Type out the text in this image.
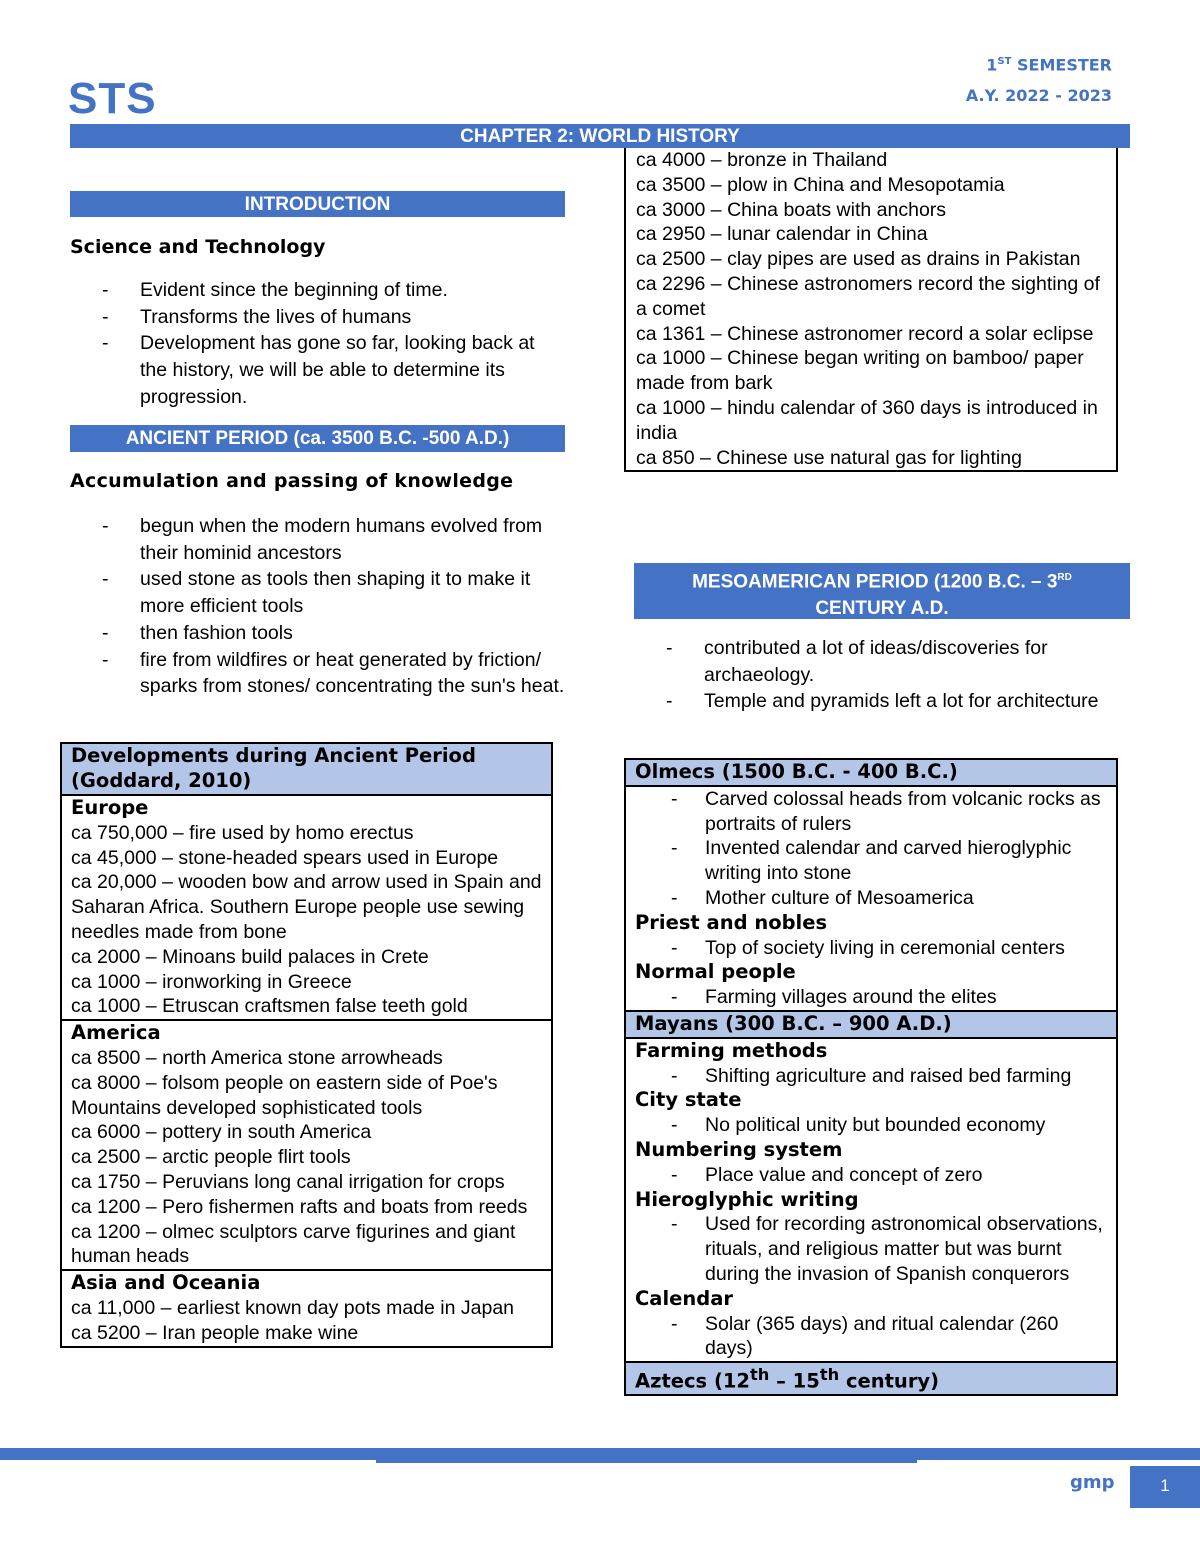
STS
1ST SEMESTER
A.Y. 2022 - 2023
CHAPTER 2: WORLD HISTORY
INTRODUCTION
Science and Technology
- Evident since the beginning of time.
- Transforms the lives of humans
- Development has gone so far, looking back at the history, we will be able to determine its progression.
ANCIENT PERIOD (ca. 3500 B.C. -500 A.D.)
Accumulation and passing of knowledge
- begun when the modern humans evolved from their hominid ancestors
- used stone as tools then shaping it to make it more efficient tools
- then fashion tools
- fire from wildfires or heat generated by friction/ sparks from stones/ concentrating the sun's heat.
Developments during Ancient Period (Goddard, 2010)
Europe
ca 750,000 – fire used by homo erectus
ca 45,000 – stone-headed spears used in Europe
ca 20,000 – wooden bow and arrow used in Spain and Saharan Africa. Southern Europe people use sewing needles made from bone
ca 2000 – Minoans build palaces in Crete
ca 1000 – ironworking in Greece
ca 1000 – Etruscan craftsmen false teeth gold
America
ca 8500 – north America stone arrowheads
ca 8000 – folsom people on eastern side of Poe's Mountains developed sophisticated tools
ca 6000 – pottery in south America
ca 2500 – arctic people flirt tools
ca 1750 – Peruvians long canal irrigation for crops
ca 1200 – Pero fishermen rafts and boats from reeds
ca 1200 – olmec sculptors carve figurines and giant human heads
Asia and Oceania
ca 11,000 – earliest known day pots made in Japan
ca 5200 – Iran people make wine
ca 4000 – bronze in Thailand
ca 3500 – plow in China and Mesopotamia
ca 3000 – China boats with anchors
ca 2950 – lunar calendar in China
ca 2500 – clay pipes are used as drains in Pakistan
ca 2296 – Chinese astronomers record the sighting of a comet
ca 1361 – Chinese astronomer record a solar eclipse
ca 1000 – Chinese began writing on bamboo/ paper made from bark
ca 1000 – hindu calendar of 360 days is introduced in india
ca 850 – Chinese use natural gas for lighting
MESOAMERICAN PERIOD (1200 B.C. – 3RD
CENTURY A.D.
- contributed a lot of ideas/discoveries for archaeology.
- Temple and pyramids left a lot for architecture
Olmecs (1500 B.C. - 400 B.C.)
- Carved colossal heads from volcanic rocks as portraits of rulers
- Invented calendar and carved hieroglyphic writing into stone
- Mother culture of Mesoamerica
Priest and nobles
- Top of society living in ceremonial centers
Normal people
- Farming villages around the elites
Mayans (300 B.C. – 900 A.D.)
Farming methods
- Shifting agriculture and raised bed farming
City state
- No political unity but bounded economy
Numbering system
- Place value and concept of zero
Hieroglyphic writing
- Used for recording astronomical observations, rituals, and religious matter but was burnt during the invasion of Spanish conquerors
Calendar
- Solar (365 days) and ritual calendar (260 days)
Aztecs (12th – 15th century)
gmp	1
